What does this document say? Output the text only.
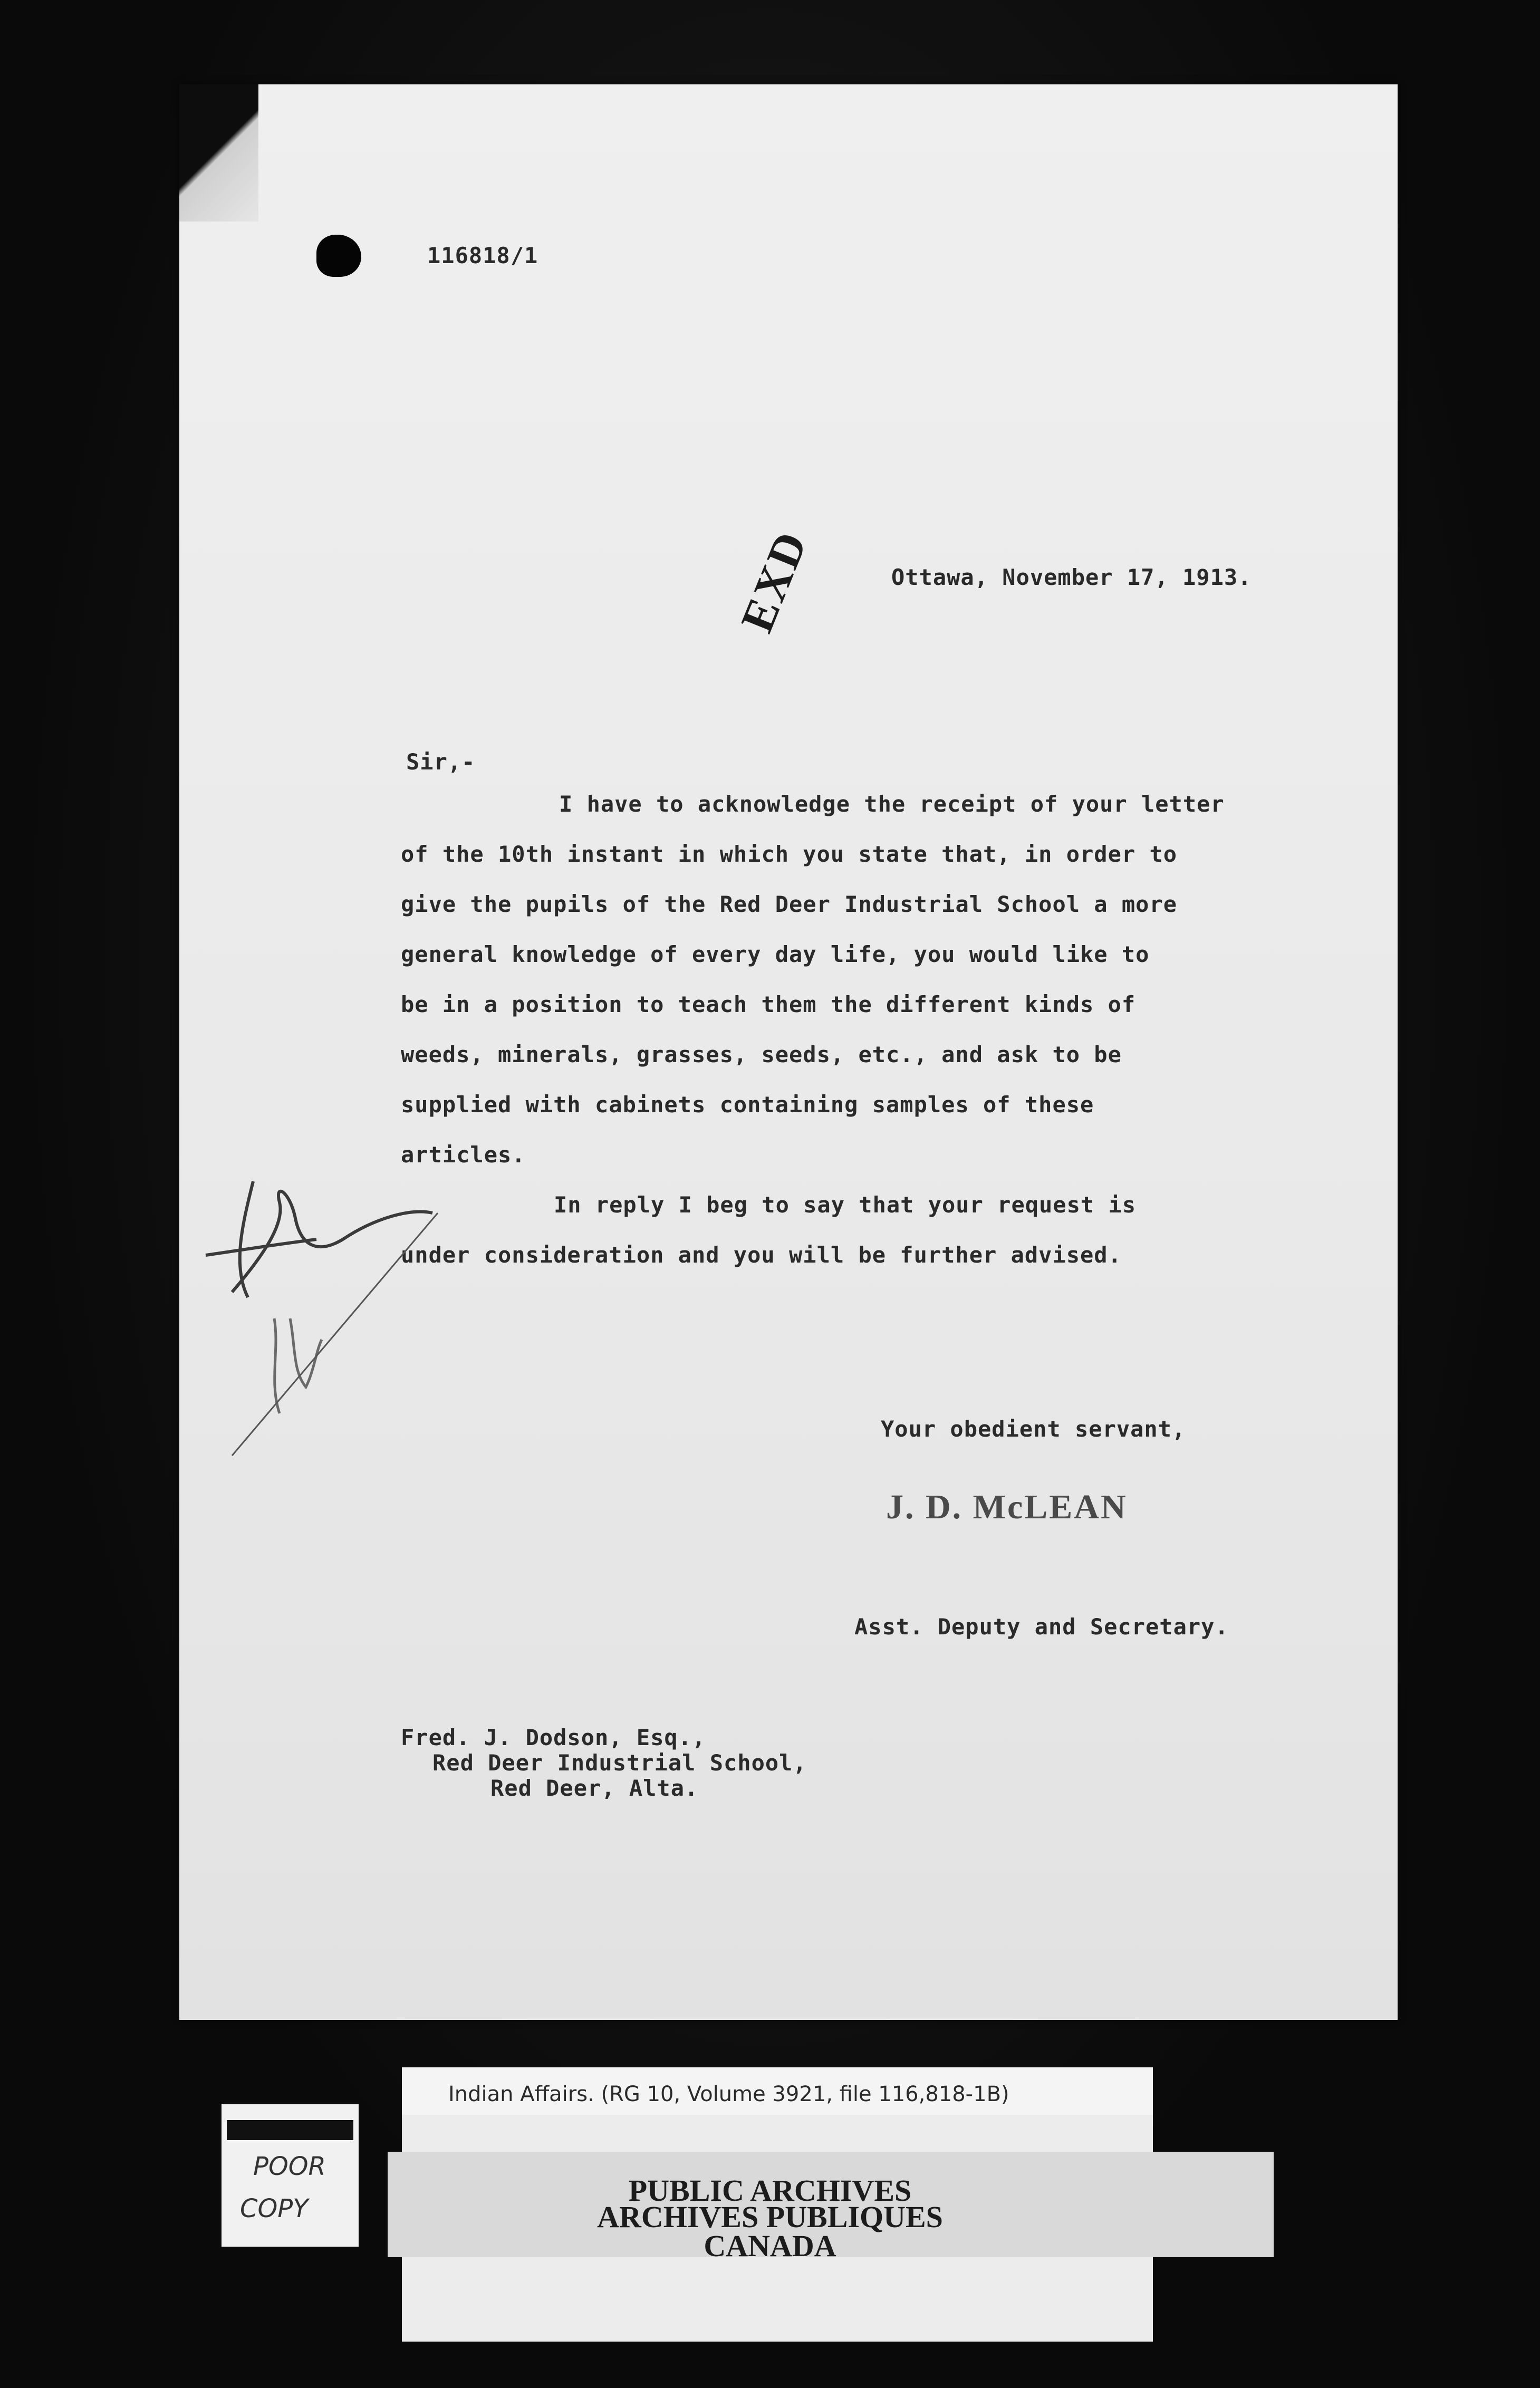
116818/1
Ottawa, November 17, 1913.
EXD
Sir,-
I have to acknowledge the receipt of your letter
of the 10th instant in which you state that, in order to
give the pupils of the Red Deer Industrial School a more
general knowledge of every day life, you would like to
be in a position to teach them the different kinds of
weeds, minerals, grasses, seeds, etc., and ask to be
supplied with cabinets containing samples of these
articles.
In reply I beg to say that your request is
under consideration and you will be further advised.
Your obedient servant,
J. D. McLEAN
Asst. Deputy and Secretary.
Fred. J. Dodson, Esq.,
Red Deer Industrial School,
Red Deer, Alta.
POOR
COPY
Indian Affairs. (RG 10, Volume 3921, file 116,818-1B)
PUBLIC ARCHIVES
ARCHIVES PUBLIQUES
CANADA
